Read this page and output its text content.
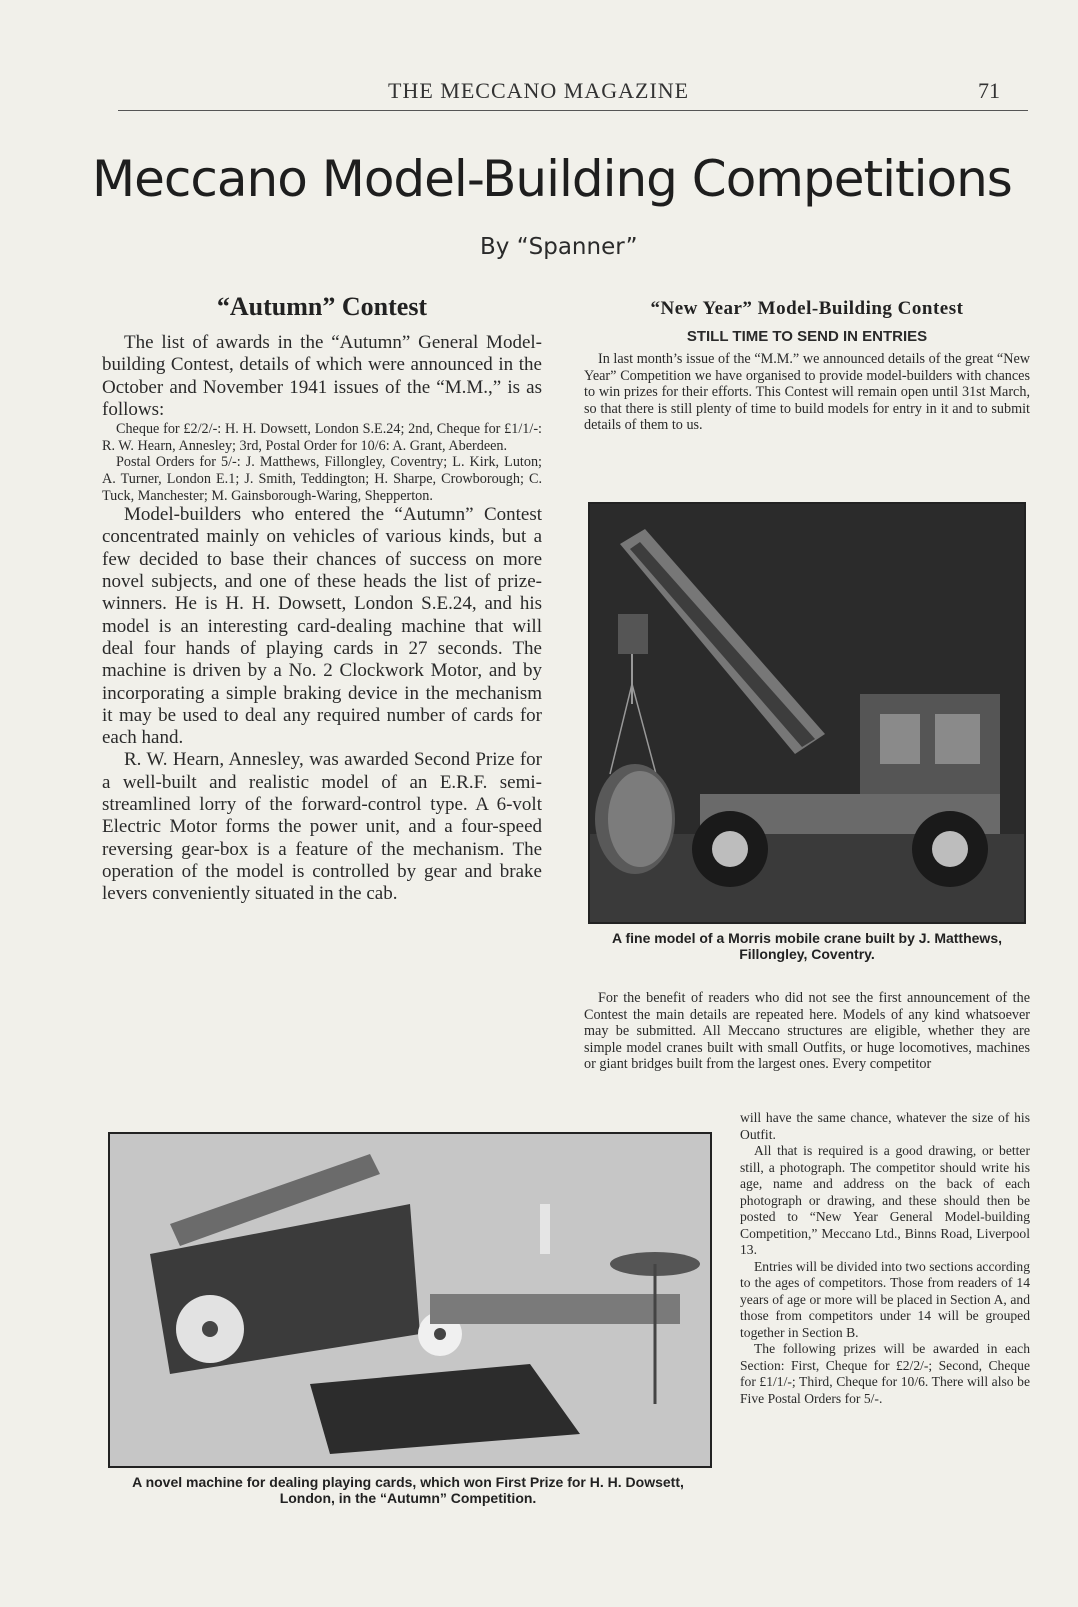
THE MECCANO MAGAZINE	71
Meccano Model-Building Competitions
By “Spanner”
“Autumn” Contest

The list of awards in the “Autumn” General Model-building Contest, details of which were announced in the October and November 1941 issues of the “M.M.,” is as follows:

Cheque for £2/2/-: H. H. Dowsett, London S.E.24; 2nd, Cheque for £1/1/-: R. W. Hearn, Annesley; 3rd, Postal Order for 10/6: A. Grant, Aberdeen.

Postal Orders for 5/-: J. Matthews, Fillongley, Coventry; L. Kirk, Luton; A. Turner, London E.1; J. Smith, Teddington; H. Sharpe, Crowborough; C. Tuck, Manchester; M. Gainsborough-Waring, Shepperton.

Model-builders who entered the “Autumn” Contest concentrated mainly on vehicles of various kinds, but a few decided to base their chances of success on more novel subjects, and one of these heads the list of prize-winners. He is H. H. Dowsett, London S.E.24, and his model is an interesting card-dealing machine that will deal four hands of playing cards in 27 seconds. The machine is driven by a No. 2 Clockwork Motor, and by incorporating a simple braking device in the mechanism it may be used to deal any required number of cards for each hand.

R. W. Hearn, Annesley, was awarded Second Prize for a well-built and realistic model of an E.R.F. semi-streamlined lorry of the forward-control type. A 6-volt Electric Motor forms the power unit, and a four-speed reversing gear-box is a feature of the mechanism. The operation of the model is controlled by gear and brake levers conveniently situated in the cab.

“New Year” Model-Building Contest
STILL TIME TO SEND IN ENTRIES

In last month’s issue of the “M.M.” we announced details of the great “New Year” Competition we have organised to provide model-builders with chances to win prizes for their efforts. This Contest will remain open until 31st March, so that there is still plenty of time to build models for entry in it and to submit details of them to us.

A fine model of a Morris mobile crane built by J. Matthews, Fillongley, Coventry.

For the benefit of readers who did not see the first announcement of the Contest the main details are repeated here. Models of any kind whatsoever may be submitted. All Meccano structures are eligible, whether they are simple model cranes built with small Outfits, or huge locomotives, machines or giant bridges built from the largest ones. Every competitor

will have the same chance, whatever the size of his Outfit.

All that is required is a good drawing, or better still, a photograph. The competitor should write his age, name and address on the back of each photograph or drawing, and these should then be posted to “New Year General Model-building Competition,” Meccano Ltd., Binns Road, Liverpool 13.

Entries will be divided into two sections according to the ages of competitors. Those from readers of 14 years of age or more will be placed in Section A, and those from competitors under 14 will be grouped together in Section B.

The following prizes will be awarded in each Section: First, Cheque for £2/2/-; Second, Cheque for £1/1/-; Third, Cheque for 10/6. There will also be Five Postal Orders for 5/-.

A novel machine for dealing playing cards, which won First Prize for H. H. Dowsett, London, in the “Autumn” Competition.
